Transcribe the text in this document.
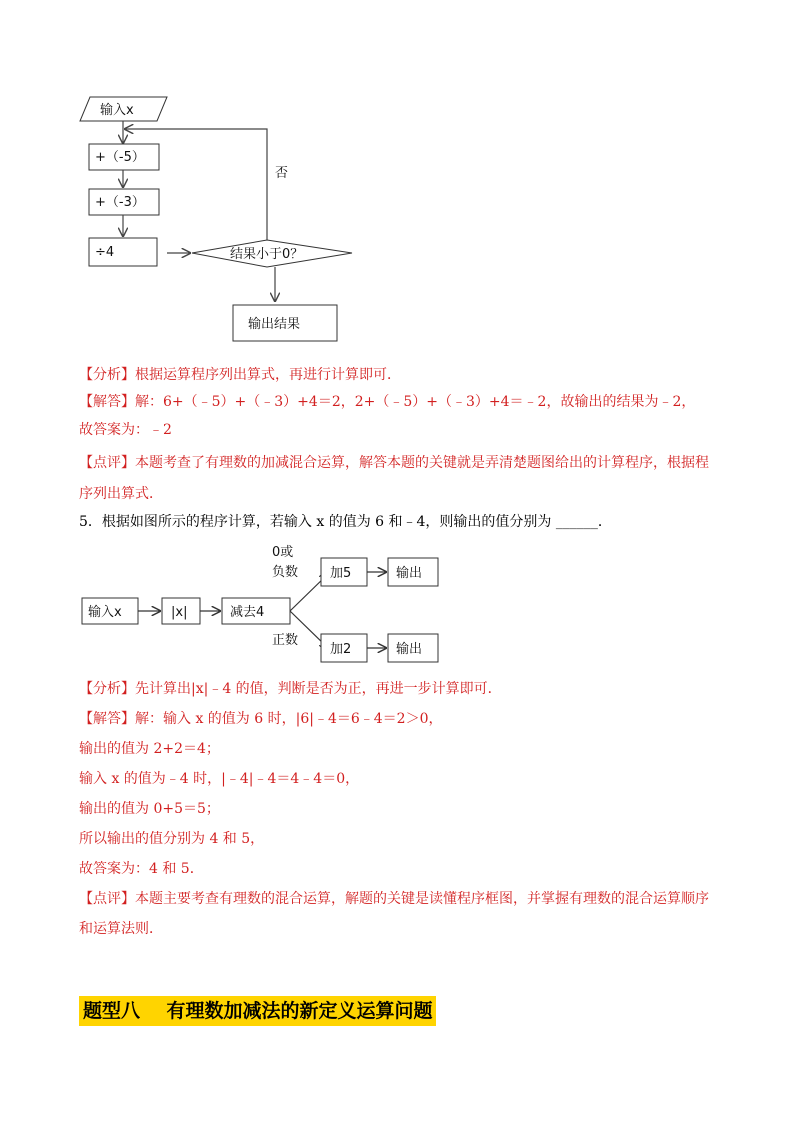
输入x
否
+（-5）
+（-3）
÷4	结果小于0？
输出结果
【分析】根据运算程序列出算式，再进行计算即可．
【解答】解：6+（﹣5）+（﹣3）+4＝2，2+（﹣5）+（﹣3）+4＝﹣2，故输出的结果为﹣2，
故答案为：﹣2
【点评】本题考查了有理数的加减混合运算，解答本题的关键就是弄清楚题图给出的计算程序，根据程
序列出算式．
5．根据如图所示的程序计算，若输入 x 的值为 6 和﹣4，则输出的值分别为 ______．
输入x	|x|	减去4
0或
负数
正数
加5	输出
加2	输出
【分析】先计算出|x|﹣4 的值，判断是否为正，再进一步计算即可．
【解答】解：输入 x 的值为 6 时，|6|﹣4＝6﹣4＝2＞0，
输出的值为 2+2＝4；
输入 x 的值为﹣4 时，|﹣4|﹣4＝4﹣4＝0，
输出的值为 0+5＝5；
所以输出的值分别为 4 和 5，
故答案为：4 和 5．
【点评】本题主要考查有理数的混合运算，解题的关键是读懂程序框图，并掌握有理数的混合运算顺序
和运算法则．
题型八    有理数加减法的新定义运算问题
